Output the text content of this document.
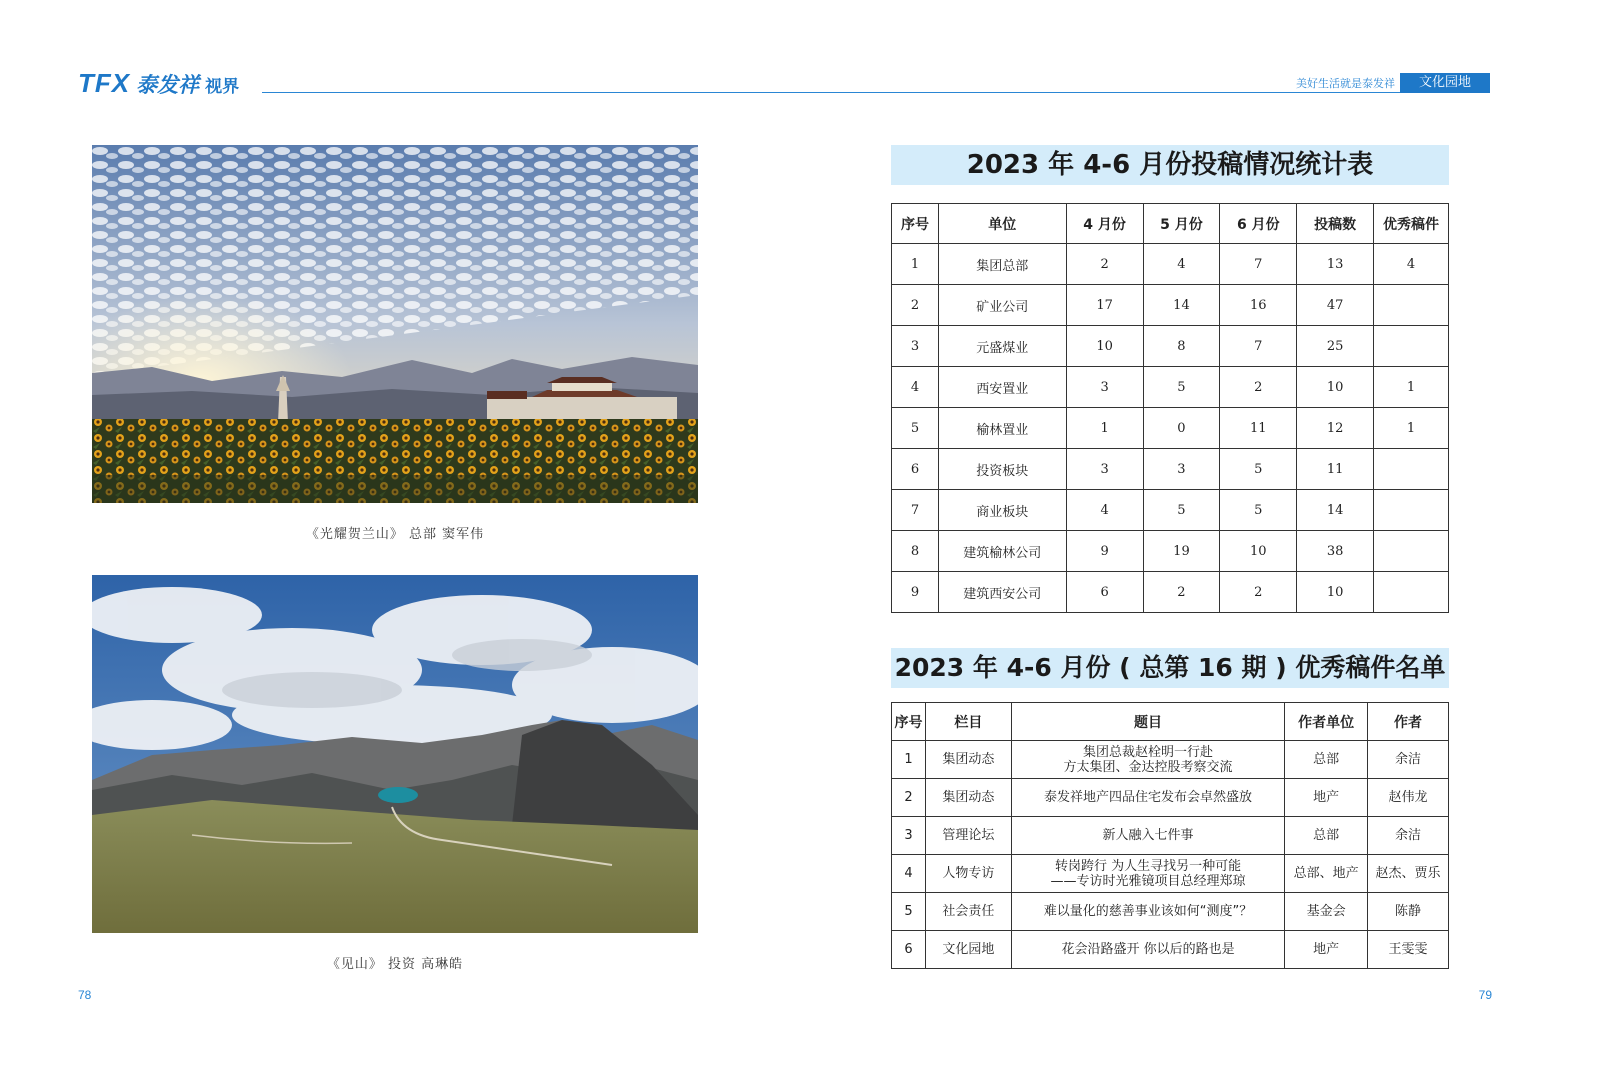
TFX 泰发祥 视界	美好生活就是泰发祥	文化园地
《光耀贺兰山》 总部 窦军伟
《见山》 投资 高琳皓
2023 年 4-6 月份投稿情况统计表
序号	单位	4 月份	5 月份	6 月份	投稿数	优秀稿件
1	集团总部	2	4	7	13	4
2	矿业公司	17	14	16	47	
3	元盛煤业	10	8	7	25	
4	西安置业	3	5	2	10	1
5	榆林置业	1	0	11	12	1
6	投资板块	3	3	5	11	
7	商业板块	4	5	5	14	
8	建筑榆林公司	9	19	10	38	
9	建筑西安公司	6	2	2	10	
2023 年 4-6 月份 ( 总第 16 期 ) 优秀稿件名单
序号	栏目	题目	作者单位	作者
1	集团动态	集团总裁赵栓明一行赴
方太集团、金达控股考察交流	总部	余洁
2	集团动态	泰发祥地产四品住宅发布会卓然盛放	地产	赵伟龙
3	管理论坛	新人融入七件事	总部	余洁
4	人物专访	转岗跨行 为人生寻找另一种可能
——专访时光雅镜项目总经理郑琼	总部、地产	赵杰、贾乐
5	社会责任	难以量化的慈善事业该如何“测度”？	基金会	陈静
6	文化园地	花会沿路盛开 你以后的路也是	地产	王雯雯
78	79
